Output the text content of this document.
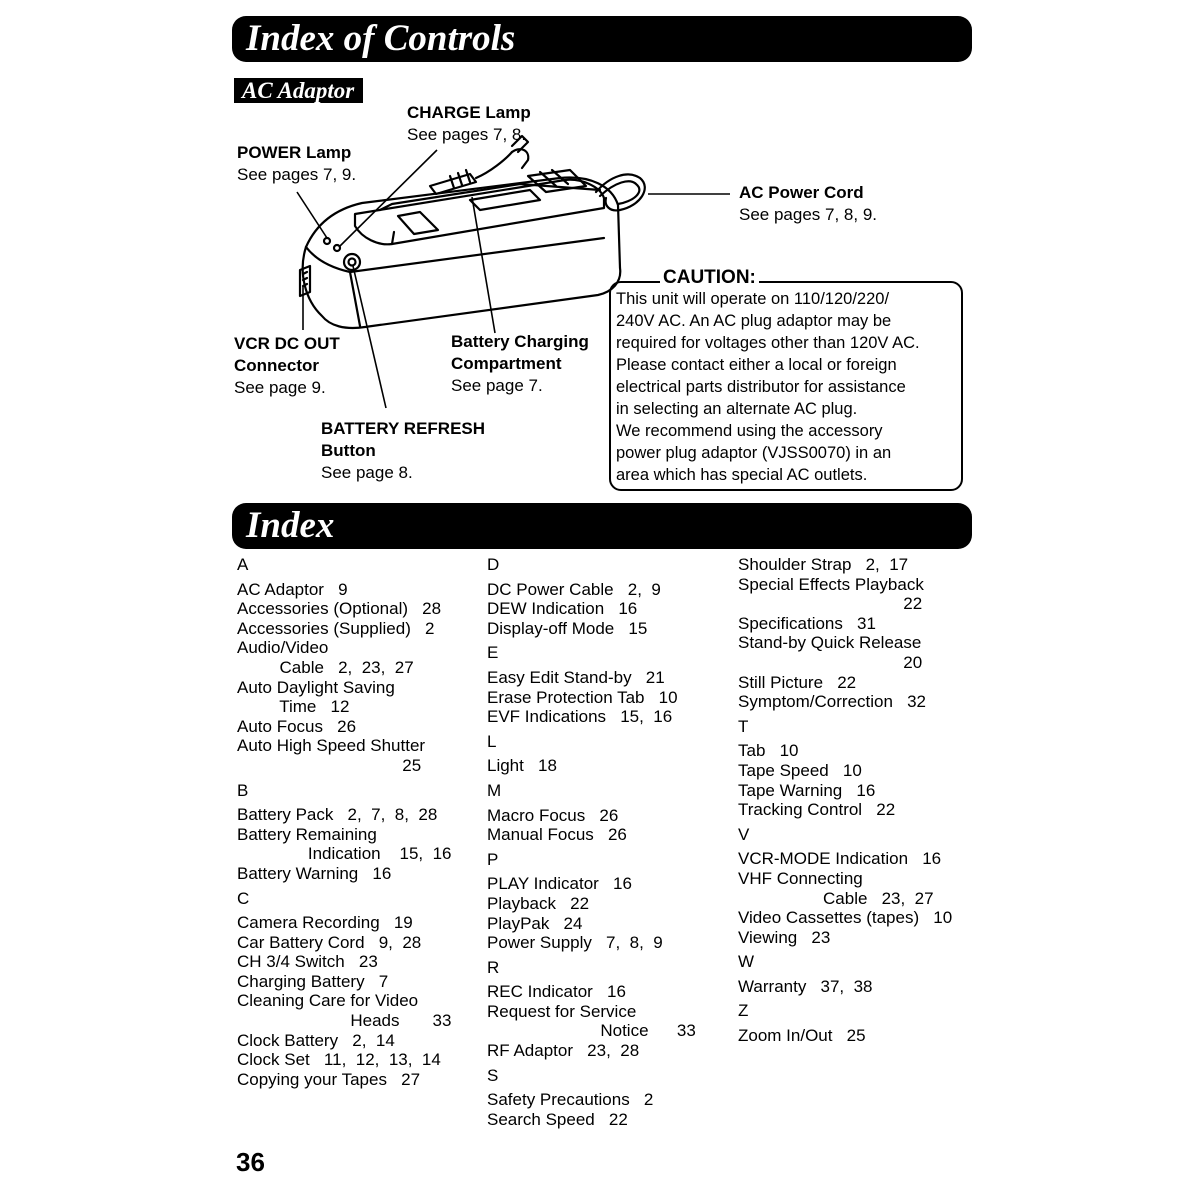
Index of Controls
AC Adaptor
CHARGE Lamp
See pages 7, 8.
POWER Lamp
See pages 7, 9.
AC Power Cord
See pages 7, 8, 9.
VCR DC OUT
Connector
See page 9.
Battery Charging
Compartment
See page 7.
BATTERY REFRESH
Button
See page 8.
CAUTION:
This unit will operate on 110/120/220/
240V AC. An AC plug adaptor may be
required for voltages other than 120V AC.
Please contact either a local or foreign
electrical parts distributor for assistance
in selecting an alternate AC plug.
We recommend using the accessory
power plug adaptor (VJSS0070) in an
area which has special AC outlets.
Index
A
AC Adaptor   9
Accessories (Optional)   28
Accessories (Supplied)   2
Audio/Video
Cable   2,  23,  27
Auto Daylight Saving
Time   12
Auto Focus   26
Auto High Speed Shutter
25
B
Battery Pack   2,  7,  8,  28
Battery Remaining
Indication    15,  16
Battery Warning   16
C
Camera Recording   19
Car Battery Cord   9,  28
CH 3/4 Switch   23
Charging Battery   7
Cleaning Care for Video
Heads       33
Clock Battery   2,  14
Clock Set   11,  12,  13,  14
Copying your Tapes   27
D
DC Power Cable   2,  9
DEW Indication   16
Display-off Mode   15
E
Easy Edit Stand-by   21
Erase Protection Tab   10
EVF Indications   15,  16
L
Light   18
M
Macro Focus   26
Manual Focus   26
P
PLAY Indicator   16
Playback   22
PlayPak   24
Power Supply   7,  8,  9
R
REC Indicator   16
Request for Service
Notice      33
RF Adaptor   23,  28
S
Safety Precautions   2
Search Speed   22
Shoulder Strap   2,  17
Special Effects Playback
22
Specifications   31
Stand-by Quick Release
20
Still Picture   22
Symptom/Correction   32
T
Tab   10
Tape Speed   10
Tape Warning   16
Tracking Control   22
V
VCR-MODE Indication   16
VHF Connecting
Cable   23,  27
Video Cassettes (tapes)   10
Viewing   23
W
Warranty   37,  38
Z
Zoom In/Out   25
36
